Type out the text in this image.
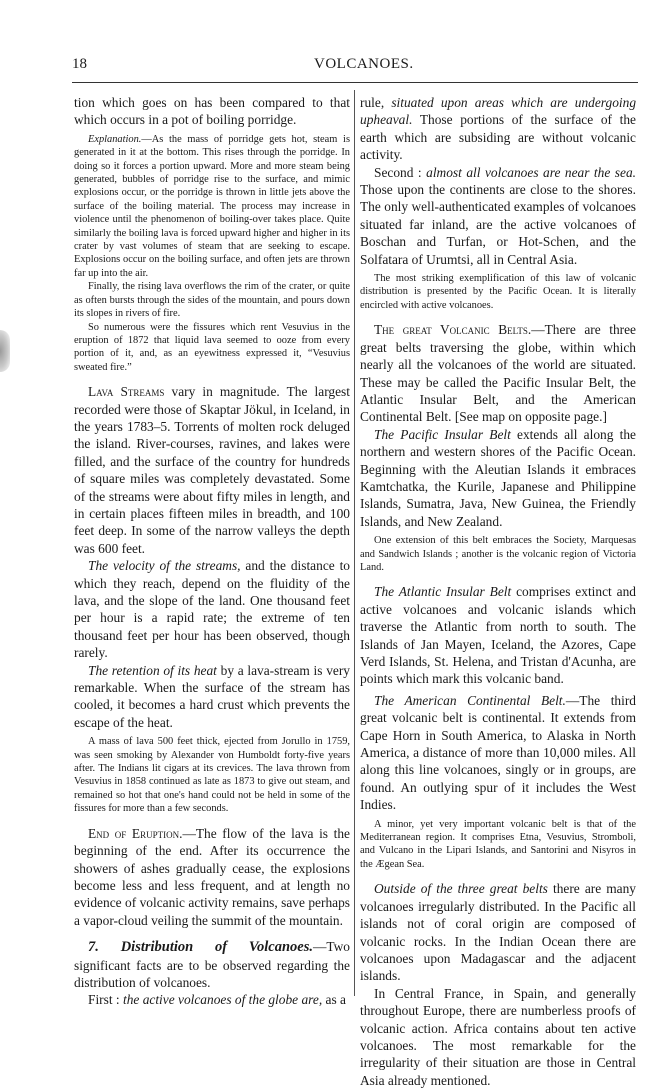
18	VOLCANOES.

tion which goes on has been compared to that which occurs in a pot of boiling porridge.

Explanation.—As the mass of porridge gets hot, steam is generated in it at the bottom. This rises through the porridge. In doing so it forces a portion upward. More and more steam being generated, bubbles of porridge rise to the surface, and mimic explosions occur, or the porridge is thrown in little jets above the surface of the boiling material. The process may increase in violence until the phenomenon of boiling-over takes place. Quite similarly the boiling lava is forced upward higher and higher in its crater by vast volumes of steam that are seeking to escape. Explosions occur on the boiling surface, and often jets are thrown far up into the air.

Finally, the rising lava overflows the rim of the crater, or quite as often bursts through the sides of the mountain, and pours down its slopes in rivers of fire.

So numerous were the fissures which rent Vesuvius in the eruption of 1872 that liquid lava seemed to ooze from every portion of it, and, as an eyewitness expressed it, “Vesuvius sweated fire.”

Lava Streams vary in magnitude. The largest recorded were those of Skaptar Jökul, in Iceland, in the years 1783–5. Torrents of molten rock deluged the island. River-courses, ravines, and lakes were filled, and the surface of the country for hundreds of square miles was completely devastated. Some of the streams were about fifty miles in length, and in certain places fifteen miles in breadth, and 100 feet deep. In some of the narrow valleys the depth was 600 feet.

The velocity of the streams, and the distance to which they reach, depend on the fluidity of the lava, and the slope of the land. One thousand feet per hour is a rapid rate; the extreme of ten thousand feet per hour has been observed, though rarely.

The retention of its heat by a lava-stream is very remarkable. When the surface of the stream has cooled, it becomes a hard crust which prevents the escape of the heat.

A mass of lava 500 feet thick, ejected from Jorullo in 1759, was seen smoking by Alexander von Humboldt forty-five years after. The Indians lit cigars at its crevices. The lava thrown from Vesuvius in 1858 continued as late as 1873 to give out steam, and remained so hot that one's hand could not be held in some of the fissures for more than a few seconds.

End of Eruption.—The flow of the lava is the beginning of the end. After its occurrence the showers of ashes gradually cease, the explosions become less and less frequent, and at length no evidence of volcanic activity remains, save perhaps a vapor-cloud veiling the summit of the mountain.

7. Distribution of Volcanoes.—Two significant facts are to be observed regarding the distribution of volcanoes.

First : the active volcanoes of the globe are, as a

rule, situated upon areas which are undergoing upheaval. Those portions of the surface of the earth which are subsiding are without volcanic activity.

Second : almost all volcanoes are near the sea. Those upon the continents are close to the shores. The only well-authenticated examples of volcanoes situated far inland, are the active volcanoes of Boschan and Turfan, or Hot-Schen, and the Solfatara of Urumtsi, all in Central Asia.

The most striking exemplification of this law of volcanic distribution is presented by the Pacific Ocean. It is literally encircled with active volcanoes.

The great Volcanic Belts.—There are three great belts traversing the globe, within which nearly all the volcanoes of the world are situated. These may be called the Pacific Insular Belt, the Atlantic Insular Belt, and the American Continental Belt. [See map on opposite page.]

The Pacific Insular Belt extends all along the northern and western shores of the Pacific Ocean. Beginning with the Aleutian Islands it embraces Kamtchatka, the Kurile, Japanese and Philippine Islands, Sumatra, Java, New Guinea, the Friendly Islands, and New Zealand.

One extension of this belt embraces the Society, Marquesas and Sandwich Islands ; another is the volcanic region of Victoria Land.

The Atlantic Insular Belt comprises extinct and active volcanoes and volcanic islands which traverse the Atlantic from north to south. The Islands of Jan Mayen, Iceland, the Azores, Cape Verd Islands, St. Helena, and Tristan d'Acunha, are points which mark this volcanic band.

The American Continental Belt.—The third great volcanic belt is continental. It extends from Cape Horn in South America, to Alaska in North America, a distance of more than 10,000 miles. All along this line volcanoes, singly or in groups, are found. An outlying spur of it includes the West Indies.

A minor, yet very important volcanic belt is that of the Mediterranean region. It comprises Etna, Vesuvius, Stromboli, and Vulcano in the Lipari Islands, and Santorini and Nisyros in the Ægean Sea.

Outside of the three great belts there are many volcanoes irregularly distributed. In the Pacific all islands not of coral origin are composed of volcanic rocks. In the Indian Ocean there are volcanoes upon Madagascar and the adjacent islands.

In Central France, in Spain, and generally throughout Europe, there are numberless proofs of volcanic action. Africa contains about ten active volcanoes. The most remarkable for the irregularity of their situation are those in Central Asia already mentioned.
